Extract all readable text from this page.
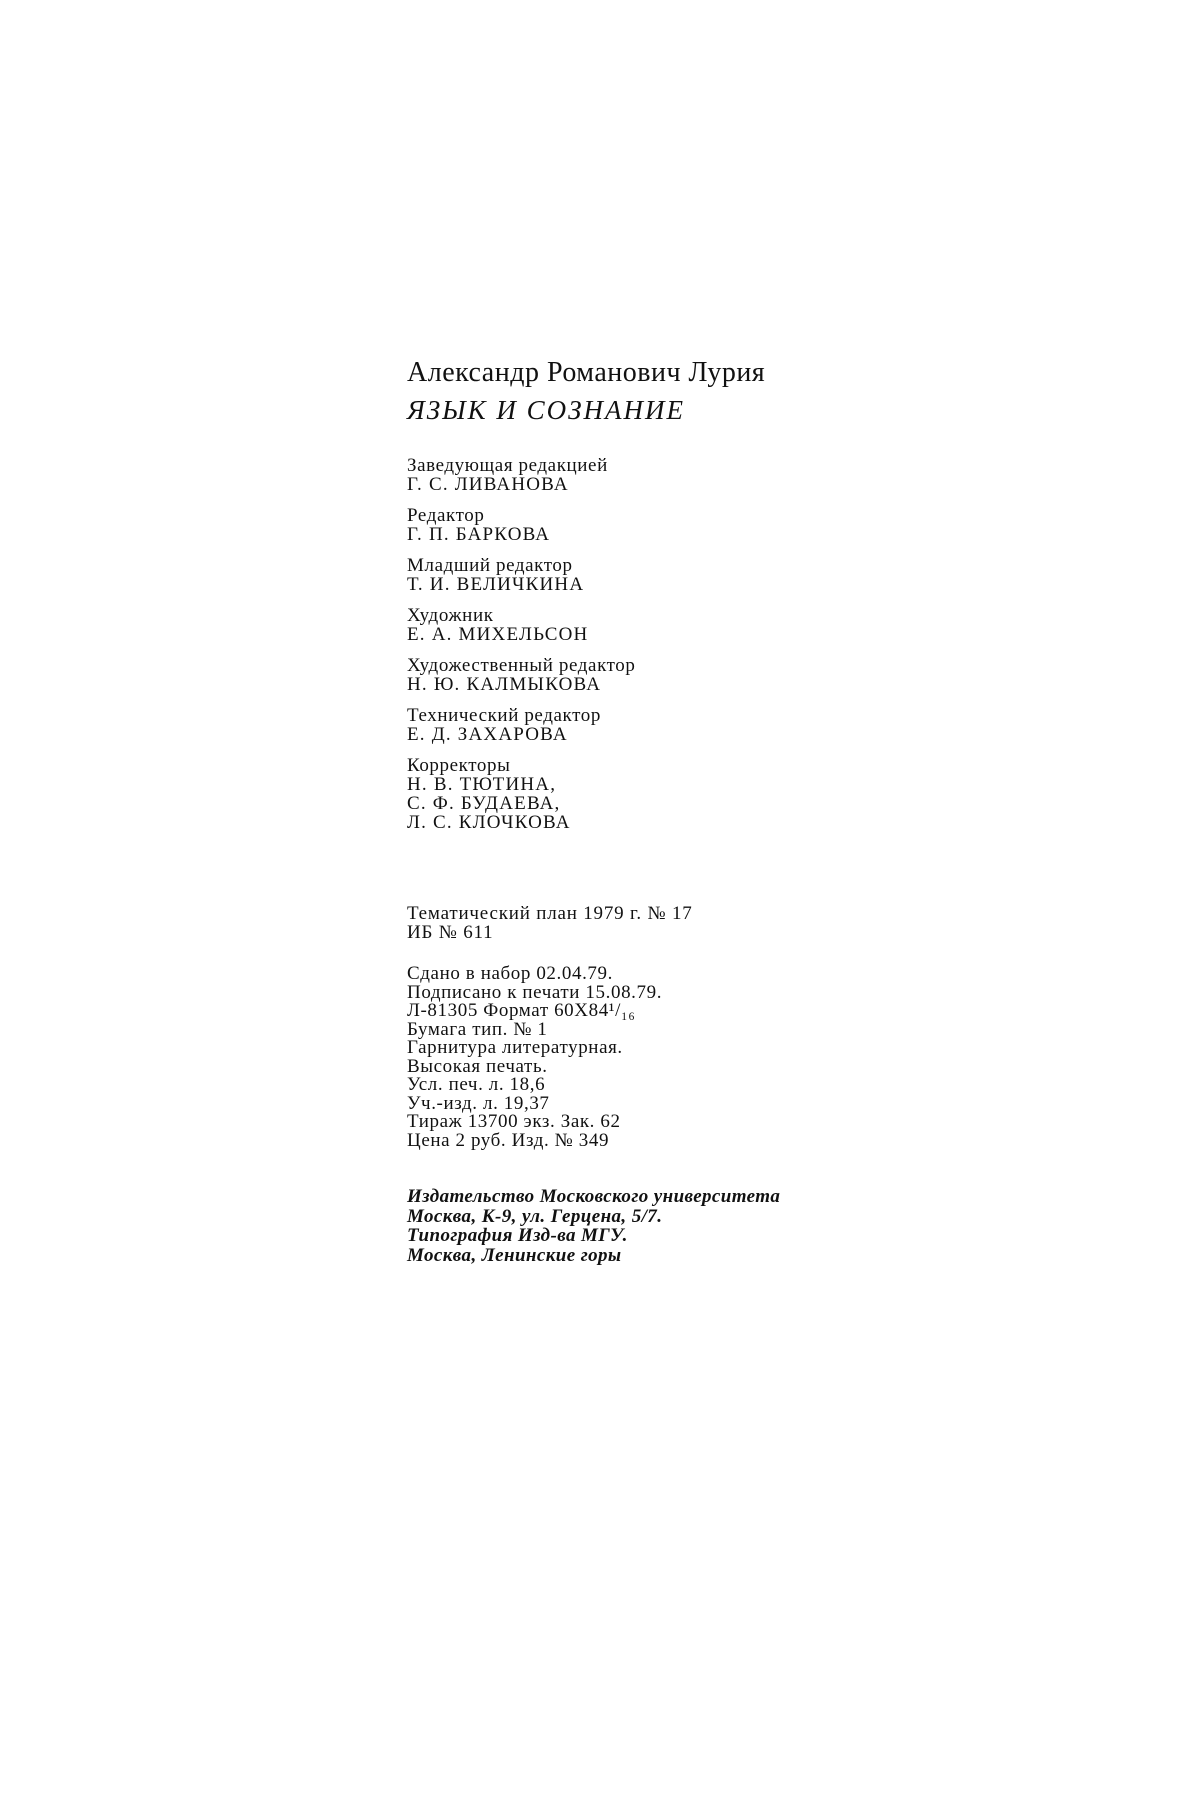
Александр Романович Лурия
ЯЗЫК И СОЗНАНИЕ
Заведующая редакцией
Г. С. ЛИВАНОВА
Редактор
Г. П. БАРКОВА
Младший редактор
Т. И. ВЕЛИЧКИНА
Художник
Е. А. МИХЕЛЬСОН
Художественный редактор
Н. Ю. КАЛМЫКОВА
Технический редактор
Е. Д. ЗАХАРОВА
Корректоры
Н. В. ТЮТИНА,
С. Ф. БУДАЕВА,
Л. С. КЛОЧКОВА
Тематический план 1979 г. № 17
ИБ № 611
Сдано в набор 02.04.79.
Подписано к печати 15.08.79.
Л-81305 Формат 60Х84¹/₁₆
Бумага тип. № 1
Гарнитура литературная.
Высокая печать.
Усл. печ. л. 18,6
Уч.-изд. л. 19,37
Тираж 13700 экз. Зак. 62
Цена 2 руб. Изд. № 349
Издательство Московского университета
Москва, К-9, ул. Герцена, 5/7.
Типография Изд-ва МГУ.
Москва, Ленинские горы
